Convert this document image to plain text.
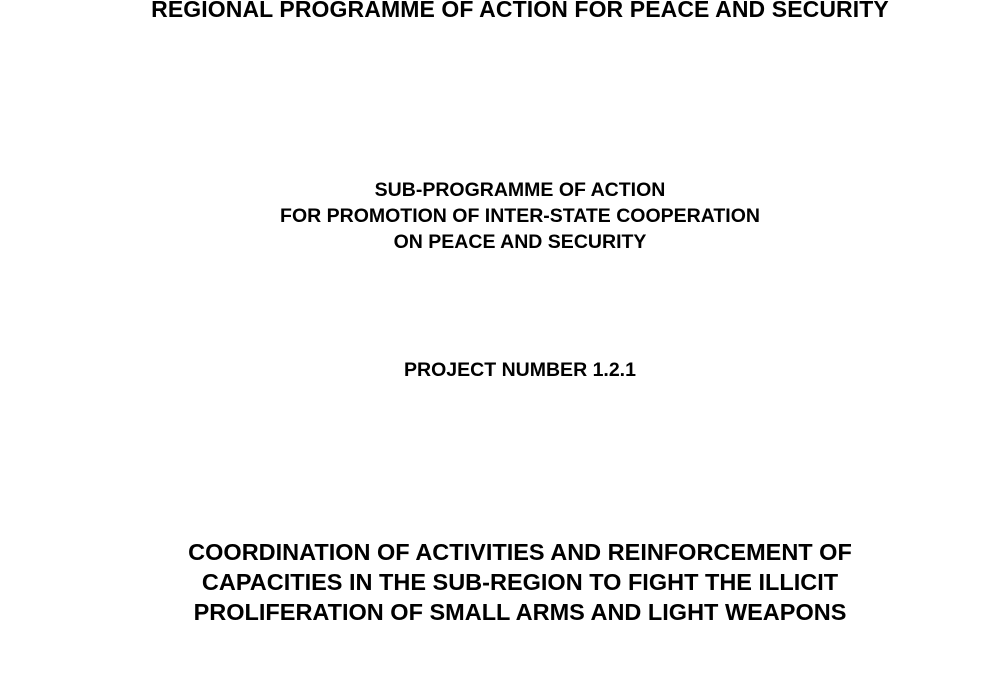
REGIONAL PROGRAMME OF ACTION FOR PEACE AND SECURITY
SUB-PROGRAMME OF ACTION
FOR PROMOTION OF INTER-STATE COOPERATION
ON PEACE AND SECURITY
PROJECT NUMBER 1.2.1
COORDINATION OF ACTIVITIES AND REINFORCEMENT OF
CAPACITIES IN THE SUB-REGION TO FIGHT THE ILLICIT
PROLIFERATION OF SMALL ARMS AND LIGHT WEAPONS
